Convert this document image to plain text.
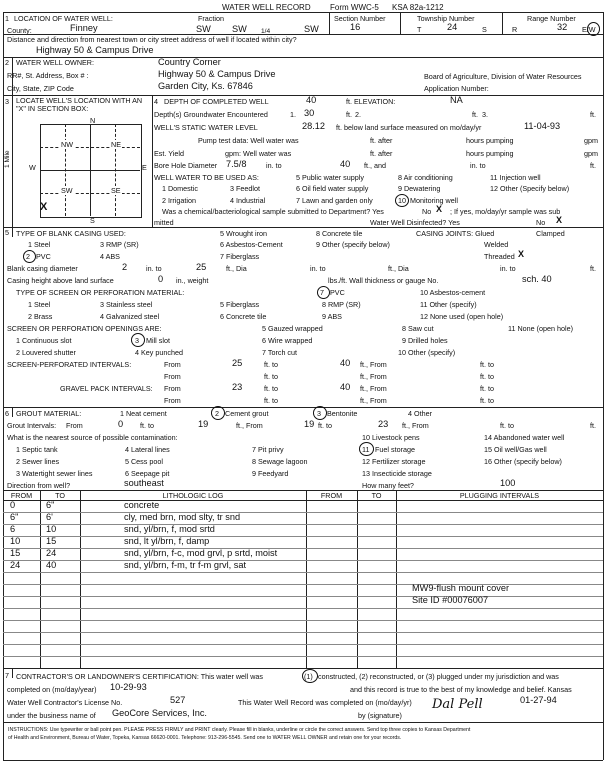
WATER WELL RECORD Form WWC-5 KSA 82a-1212
1 LOCATION OF WATER WELL:
County:	Finney
Fraction
SW SW 1/4	SW
Section Number
16
Township Number
T	24	S
Range Number
R	32 E/W
Distance and direction from nearest town or city street address of well if located within city?
Highway 50 & Campus Drive
2 WATER WELL OWNER:	Country Corner
RR#, St. Address, Box # :	Highway 50 & Campus Drive
City, State, ZIP Code	Garden City, Ks. 67846
Board of Agriculture, Division of Water Resources
Application Number:
3 LOCATE WELL'S LOCATION WITH AN "X" IN SECTION BOX:
N
S
E
W
1 Mile
NW	NE
SW	SE
X
4 DEPTH OF COMPLETED WELL	40	ft. ELEVATION:	NA
Depth(s) Groundwater Encountered	1. 30	ft. 2.	ft. 3.	ft.
WELL'S STATIC WATER LEVEL	28.12 ft. below land surface measured on mo/day/yr	11-04-93
Pump test data: Well water was	ft. after	hours pumping	gpm
Est. Yield	gpm: Well water was	ft. after	hours pumping	gpm
Bore Hole Diameter 7.5/8	in. to	40 ft., and	in. to	ft.
WELL WATER TO BE USED AS:	5 Public water supply	8 Air conditioning	11 Injection well
1 Domestic	3 Feedlot	6 Oil field water supply	9 Dewatering	12 Other (Specify below)
2 Irrigation	4 Industrial	7 Lawn and garden only	10 Monitoring well
Was a chemical/bacteriological sample submitted to Department? Yes	No X ; If yes, mo/day/yr sample was sub
mitted	Water Well Disinfected? Yes	No X
5 TYPE OF BLANK CASING USED:	5 Wrought iron	8 Concrete tile	CASING JOINTS: Glued	Clamped
1 Steel	3 RMP (SR)	6 Asbestos-Cement	9 Other (specify below)	Welded
2 PVC	4 ABS	7 Fiberglass	Threaded X
Blank casing diameter	2	in. to	25	ft., Dia	in. to	ft., Dia	in. to	ft.
Casing height above land surface	0 in., weight	lbs./ft. Wall thickness or gauge No.	sch. 40
TYPE OF SCREEN OR PERFORATION MATERIAL:	7 PVC	10 Asbestos-cement
1 Steel	3 Stainless steel	5 Fiberglass	8 RMP (SR)	11 Other (specify)
2 Brass	4 Galvanized steel	6 Concrete tile	9 ABS	12 None used (open hole)
SCREEN OR PERFORATION OPENINGS ARE:	5 Gauzed wrapped	8 Saw cut	11 None (open hole)
1 Continuous slot	3 Mill slot	6 Wire wrapped	9 Drilled holes
2 Louvered shutter	4 Key punched	7 Torch cut	10 Other (specify)
SCREEN-PERFORATED INTERVALS:	From	25	ft. to	40 ft., From	ft. to
From	ft. to	ft., From	ft. to
GRAVEL PACK INTERVALS: From	23	ft. to	40 ft., From	ft. to
From	ft. to	ft., From	ft. to
6 GROUT MATERIAL:	1 Neat cement	2 Cement grout	3 Bentonite	4 Other
Grout Intervals: From	0 ft. to	19	ft., From	19 ft. to	23 ft., From	ft. to	ft.
What is the nearest source of possible contamination:	10 Livestock pens	14 Abandoned water well
1 Septic tank	4 Lateral lines	7 Pit privy	11 Fuel storage	15 Oil well/Gas well
2 Sewer lines	5 Cess pool	8 Sewage lagoon	12 Fertilizer storage	16 Other (specify below)
3 Watertight sewer lines	6 Seepage pit	9 Feedyard	13 Insecticide storage
Direction from well?	southeast	How many feet?	100
FROM	TO	LITHOLOGIC LOG	FROM	TO	PLUGGING INTERVALS
0	6"	concrete
6"	6'	cly, med brn, mod slty, tr snd
6	10	snd, yl/brn, f, mod srtd
10	15	snd, lt yl/brn, f, damp
15	24	snd, yl/brn, f-c, mod grvl, p srtd, moist
24	40	snd, yl/brn, f-m, tr f-m grvl, sat
MW9-flush mount cover
Site ID #00076007
7 CONTRACTOR'S OR LANDOWNER'S CERTIFICATION: This water well was	(1) constructed, (2) reconstructed, or (3) plugged under my jurisdiction and was
completed on (mo/day/year) 10-29-93	and this record is true to the best of my knowledge and belief. Kansas
Water Well Contractor's License No.	527	This Water Well Record was completed on (mo/day/yr)	01-27-94
under the business name of GeoCore Services, Inc.	by (signature)
Dal Pell
INSTRUCTIONS: Use typewriter or ball point pen. PLEASE PRESS FIRMLY and PRINT clearly. Please fill in blanks, underline or circle the correct answers. Send top three copies to Kansas Department
of Health and Environment, Bureau of Water, Topeka, Kansas 66620-0001. Telephone: 913-296-5545. Send one to WATER WELL OWNER and retain one for your records.
